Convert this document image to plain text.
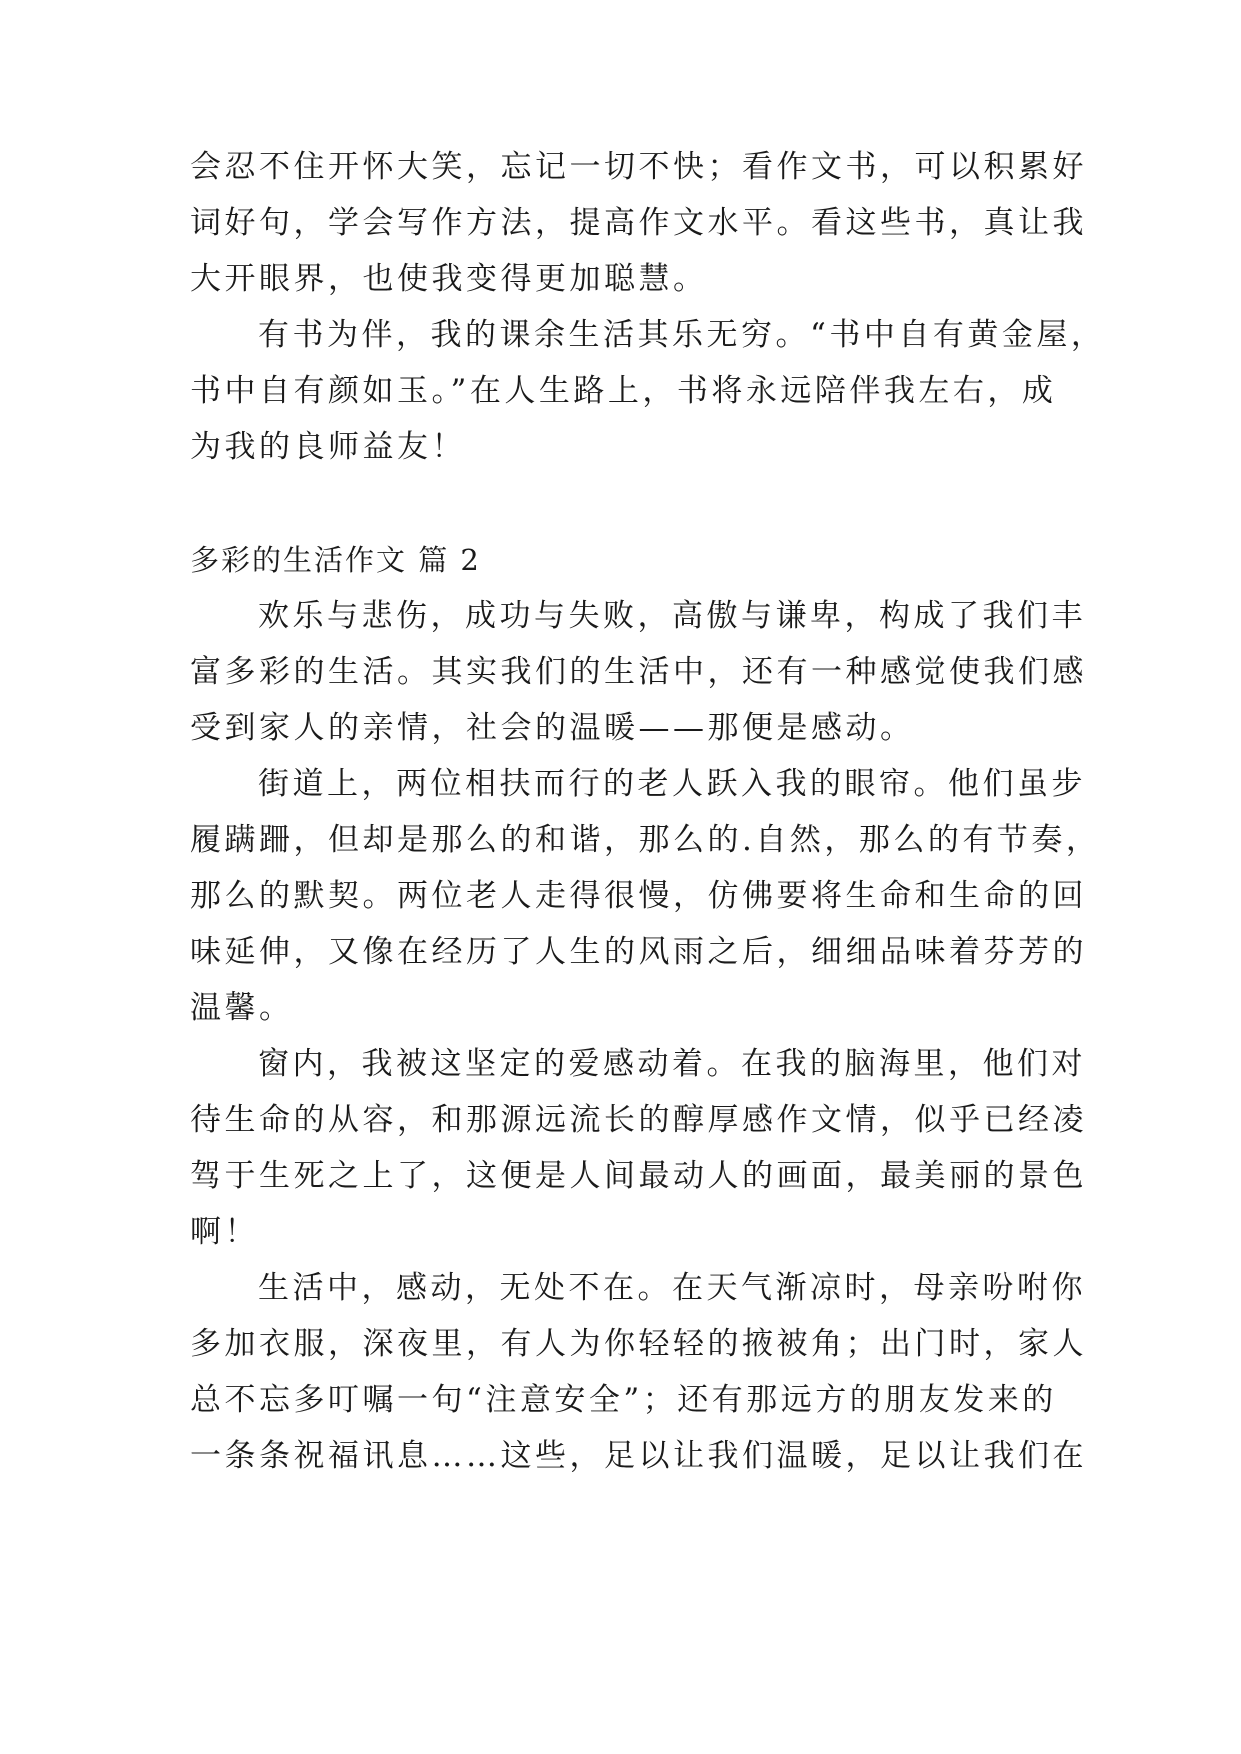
会忍不住开怀大笑，忘记一切不快；看作文书，可以积累好
词好句，学会写作方法，提高作文水平。看这些书，真让我
大开眼界，也使我变得更加聪慧。
有书为伴，我的课余生活其乐无穷。“书中自有黄金屋，
书中自有颜如玉。”在人生路上，书将永远陪伴我左右，成
为我的良师益友！
多彩的生活作文 篇 2
欢乐与悲伤，成功与失败，高傲与谦卑，构成了我们丰
富多彩的生活。其实我们的生活中，还有一种感觉使我们感
受到家人的亲情，社会的温暖——那便是感动。
街道上，两位相扶而行的老人跃入我的眼帘。他们虽步
履蹒跚，但却是那么的和谐，那么的.自然，那么的有节奏，
那么的默契。两位老人走得很慢，仿佛要将生命和生命的回
味延伸，又像在经历了人生的风雨之后，细细品味着芬芳的
温馨。
窗内，我被这坚定的爱感动着。在我的脑海里，他们对
待生命的从容，和那源远流长的醇厚感作文情，似乎已经凌
驾于生死之上了，这便是人间最动人的画面，最美丽的景色
啊！
生活中，感动，无处不在。在天气渐凉时，母亲吩咐你
多加衣服，深夜里，有人为你轻轻的掖被角；出门时，家人
总不忘多叮嘱一句“注意安全”；还有那远方的朋友发来的
一条条祝福讯息……这些，足以让我们温暖，足以让我们在
